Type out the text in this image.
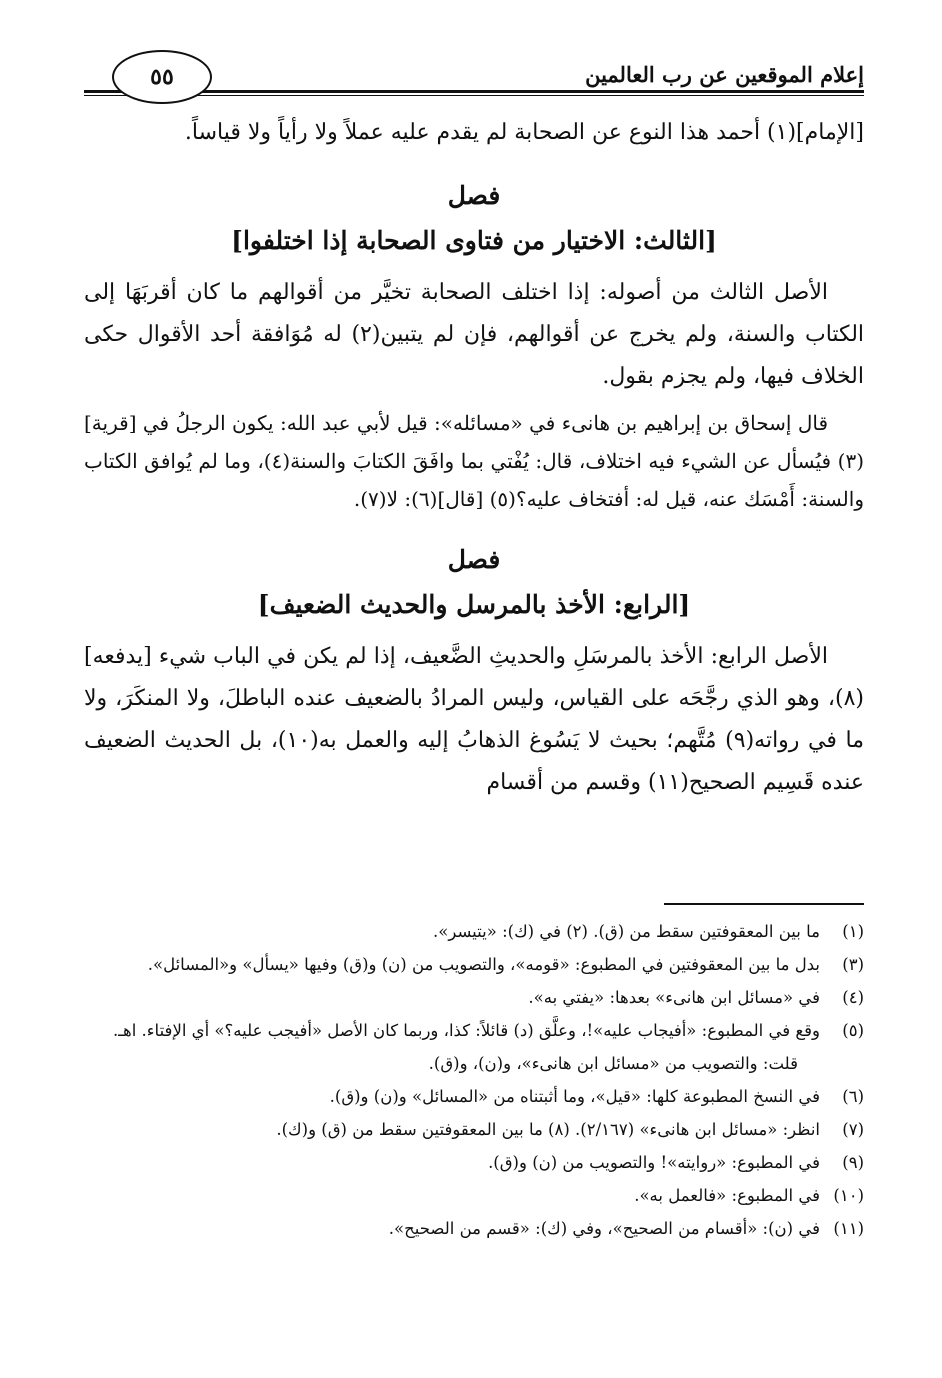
إعلام الموقعين عن رب العالمين
٥٥

[الإمام](١) أحمد هذا النوع عن الصحابة لم يقدم عليه عملاً ولا رأياً ولا قياساً.

فصل
[الثالث: الاختيار من فتاوى الصحابة إذا اختلفوا]

الأصل الثالث من أصوله: إذا اختلف الصحابة تخيَّر من أقوالهم ما كان أقربَهَا إلى الكتاب والسنة، ولم يخرج عن أقوالهم، فإن لم يتبين(٢) له مُوَافقة أحد الأقوال حكى الخلاف فيها، ولم يجزم بقول.

قال إسحاق بن إبراهيم بن هانىء في «مسائله»: قيل لأبي عبد الله: يكون الرجلُ في [قرية](٣) فيُسأل عن الشيء فيه اختلاف، قال: يُفْتي بما وافَقَ الكتابَ والسنة(٤)، وما لم يُوافق الكتاب والسنة: أَمْسَك عنه، قيل له: أفتخاف عليه؟(٥) [قال](٦): لا(٧).

فصل
[الرابع: الأخذ بالمرسل والحديث الضعيف]

الأصل الرابع: الأخذ بالمرسَلِ والحديثِ الضَّعيف، إذا لم يكن في الباب شيء [يدفعه](٨)، وهو الذي رجَّحَه على القياس، وليس المرادُ بالضعيف عنده الباطلَ، ولا المنكَرَ، ولا ما في رواته(٩) مُتَّهم؛ بحيث لا يَسُوغ الذهابُ إليه والعمل به(١٠)، بل الحديث الضعيف عنده قَسِيم الصحيح(١١) وقسم من أقسام

(١)
ما بين المعقوفتين سقط من (ق). (٢) في (ك): «يتيسر».
(٣)
بدل ما بين المعقوفتين في المطبوع: «قومه»، والتصويب من (ن) و(ق) وفيها «يسأل» و«المسائل».
(٤)
في «مسائل ابن هانىء» بعدها: «يفتي به».
(٥)
وقع في المطبوع: «أفيجاب عليه»!، وعلَّق (د) قائلاً: كذا، وربما كان الأصل «أفيجب عليه؟» أي الإفتاء. اهـ.
قلت: والتصويب من «مسائل ابن هانىء»، و(ن)، و(ق).
(٦)
في النسخ المطبوعة كلها: «قيل»، وما أثبتناه من «المسائل» و(ن) و(ق).
(٧)
انظر: «مسائل ابن هانىء» (٢/١٦٧). (٨) ما بين المعقوفتين سقط من (ق) و(ك).
(٩)
في المطبوع: «روايته»! والتصويب من (ن) و(ق).
(١٠)
في المطبوع: «فالعمل به».
(١١)
في (ن): «أقسام من الصحيح»، وفي (ك): «قسم من الصحيح».
